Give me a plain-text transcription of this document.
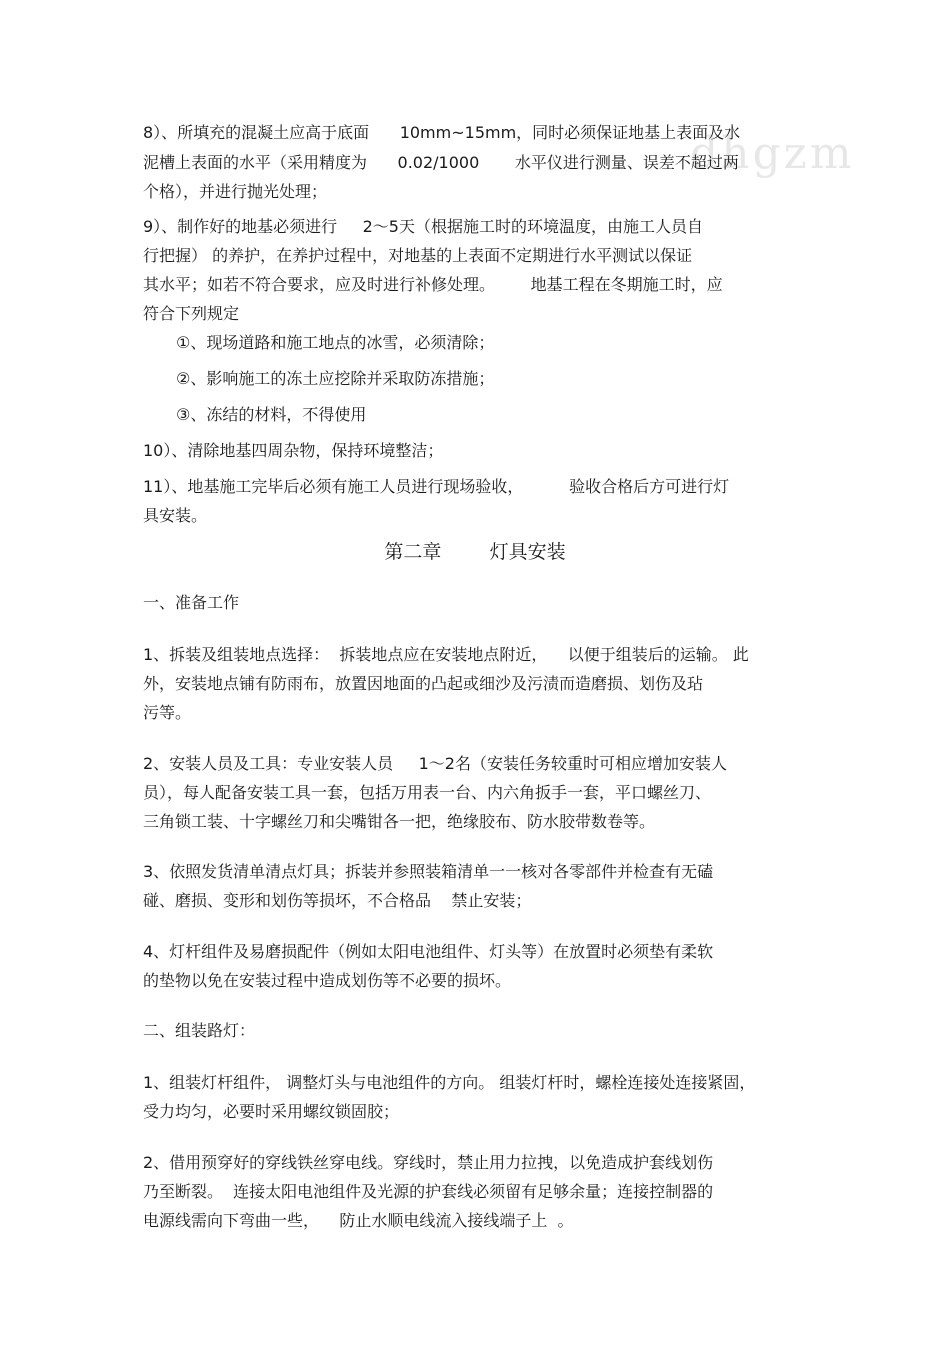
dhgzm
8）、所填充的混凝土应高于底面      10mm~15mm，同时必须保证地基上表面及水
泥槽上表面的水平（采用精度为      0.02/1000       水平仪进行测量、误差不超过两
个格），并进行抛光处理；
9）、制作好的地基必须进行     2～5天（根据施工时的环境温度，由施工人员自
行把握） 的养护，在养护过程中，对地基的上表面不定期进行水平测试以保证
其水平；如若不符合要求，应及时进行补修处理。       地基工程在冬期施工时，应
符合下列规定
①、现场道路和施工地点的冰雪，必须清除；
②、影响施工的冻土应挖除并采取防冻措施；
③、冻结的材料，不得使用
10）、清除地基四周杂物，保持环境整洁；
11）、地基施工完毕后必须有施工人员进行现场验收，         验收合格后方可进行灯
具安装。
第二章        灯具安装
一、准备工作
1、拆装及组装地点选择：  拆装地点应在安装地点附近，    以便于组装后的运输。 此
外，安装地点铺有防雨布，放置因地面的凸起或细沙及污渍而造磨损、划伤及玷
污等。
2、安装人员及工具：专业安装人员     1～2名（安装任务较重时可相应增加安装人
员），每人配备安装工具一套，包括万用表一台、内六角扳手一套，平口螺丝刀、
三角锁工装、十字螺丝刀和尖嘴钳各一把，绝缘胶布、防水胶带数卷等。
3、依照发货清单清点灯具；拆装并参照装箱清单一一核对各零部件并检查有无磕
碰、磨损、变形和划伤等损坏，不合格品    禁止安装；
4、灯杆组件及易磨损配件（例如太阳电池组件、灯头等）在放置时必须垫有柔软
的垫物以免在安装过程中造成划伤等不必要的损坏。
二、组装路灯：
1、组装灯杆组件， 调整灯头与电池组件的方向。 组装灯杆时，螺栓连接处连接紧固，
受力均匀，必要时采用螺纹锁固胶；
2、借用预穿好的穿线铁丝穿电线。穿线时，禁止用力拉拽，以免造成护套线划伤
乃至断裂。  连接太阳电池组件及光源的护套线必须留有足够余量；连接控制器的
电源线需向下弯曲一些，    防止水顺电线流入接线端子上  。
